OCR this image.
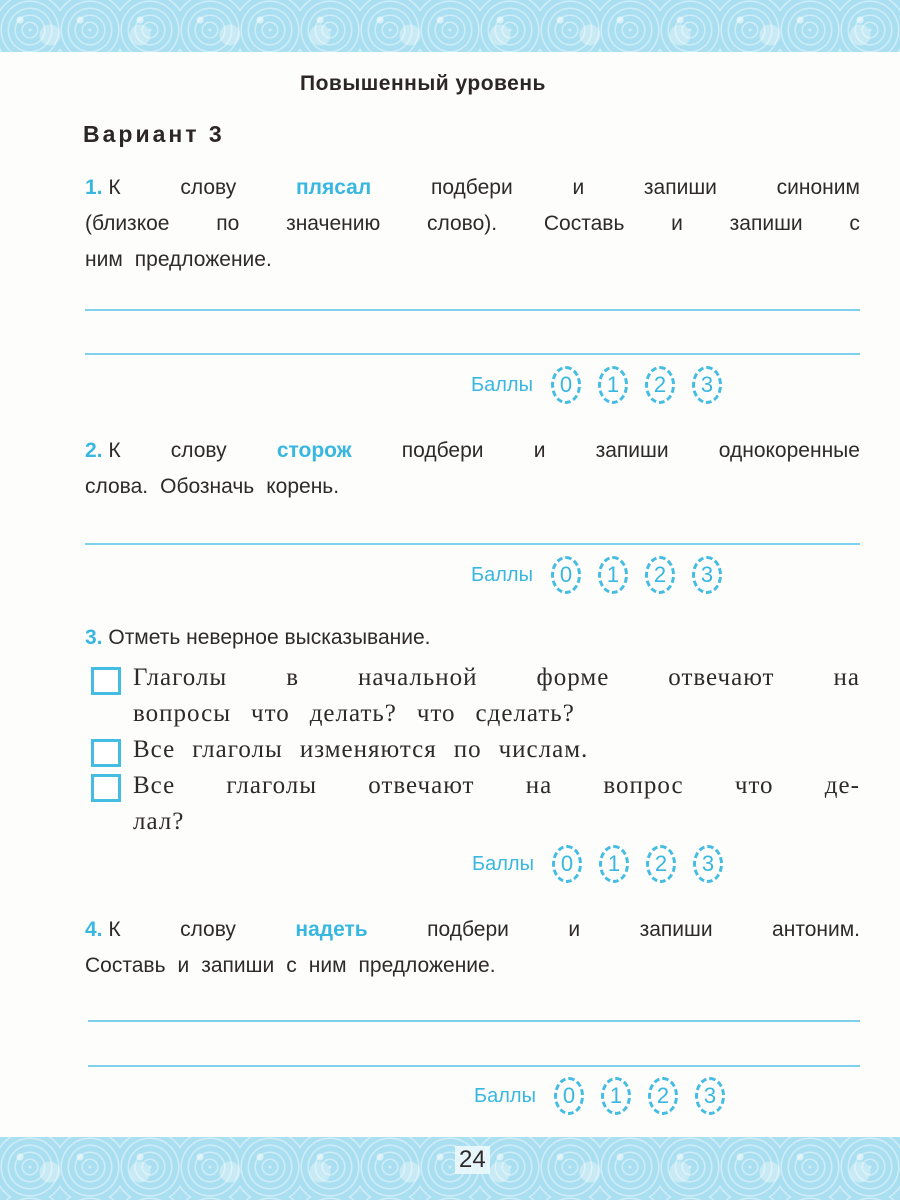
Повышенный уровень
Вариант 3
1. К	слову	плясал	подбери	и	запиши	синоним
(близкое по значению слово). Составь и запиши с
ним предложение.
Баллы	0	1	2	3
2. К слову сторож подбери и запиши однокоренные
слова. Обозначь корень.
Баллы	0	1	2	3
3. Отметь неверное высказывание.
Глаголы в начальной форме отвечают на
вопросы что делать? что сделать?
Все глаголы изменяются по числам.
Все глаголы отвечают на вопрос что де-
лал?
Баллы	0	1	2	3
4. К	слову	надеть	подбери	и	запиши	антоним.
Составь и запиши с ним предложение.
Баллы	0	1	2	3
24
